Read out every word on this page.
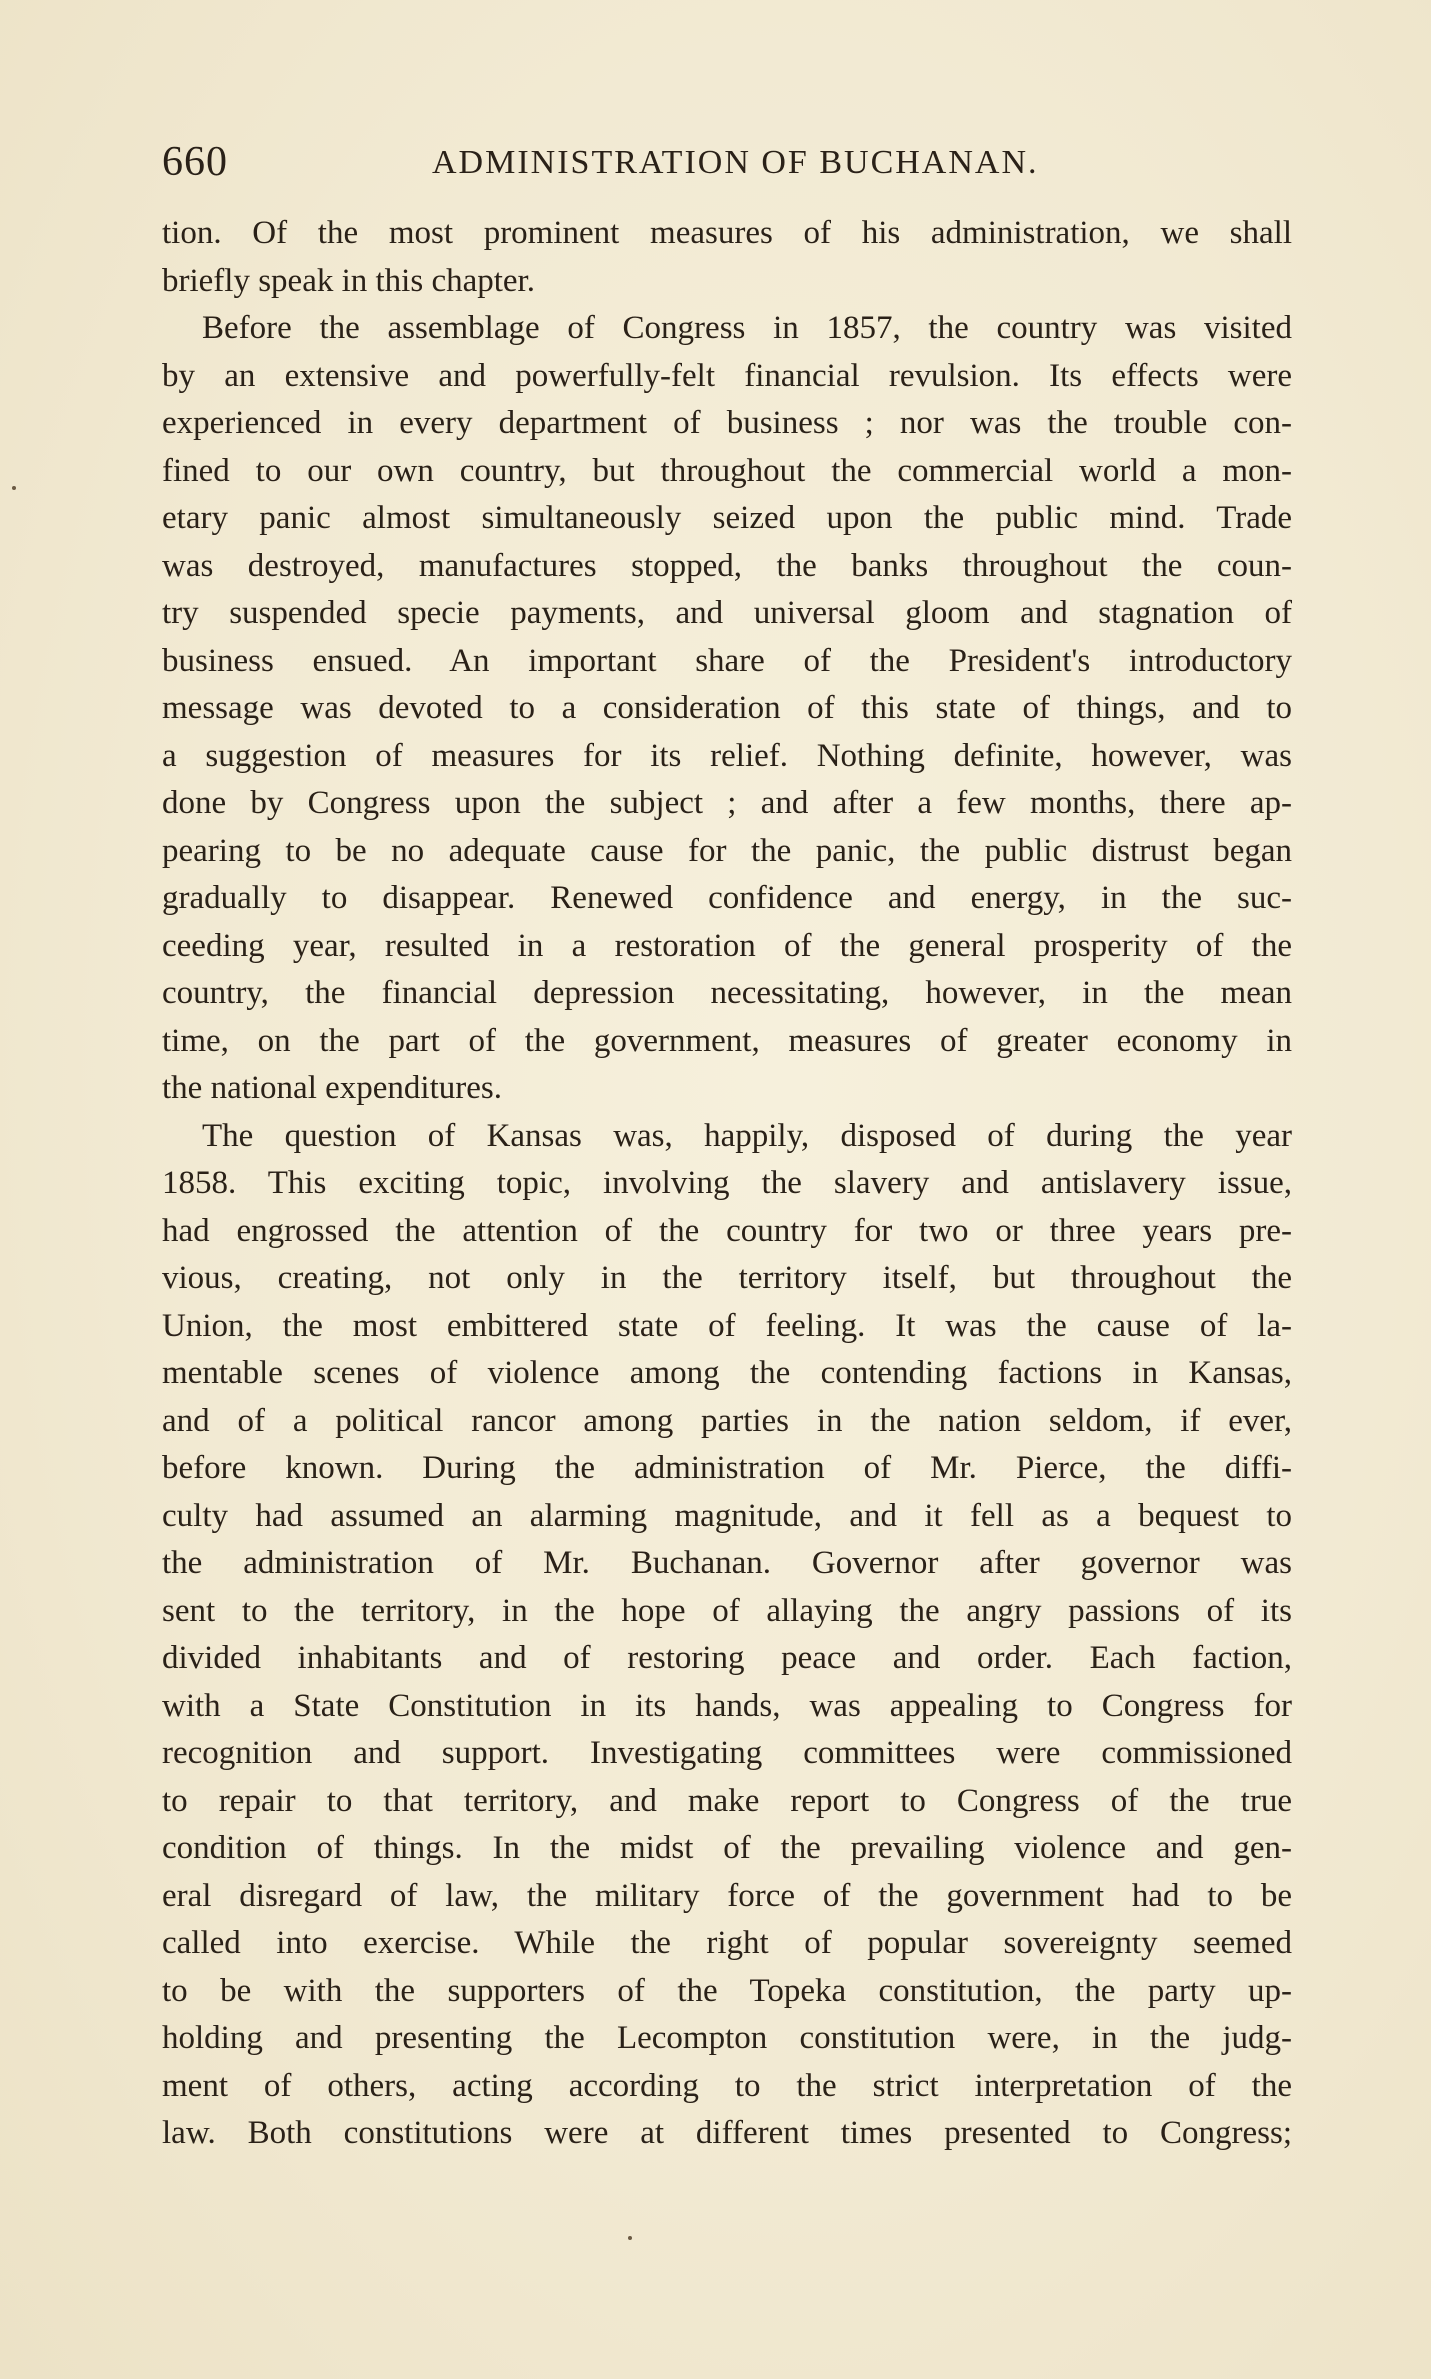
660	ADMINISTRATION OF BUCHANAN.
tion. Of the most prominent measures of his administration, we shall
briefly speak in this chapter.
Before the assemblage of Congress in 1857, the country was visited
by an extensive and powerfully-felt financial revulsion. Its effects were
experienced in every department of business ; nor was the trouble con-
fined to our own country, but throughout the commercial world a mon-
etary panic almost simultaneously seized upon the public mind. Trade
was destroyed, manufactures stopped, the banks throughout the coun-
try suspended specie payments, and universal gloom and stagnation of
business ensued. An important share of the President's introductory
message was devoted to a consideration of this state of things, and to
a suggestion of measures for its relief. Nothing definite, however, was
done by Congress upon the subject ; and after a few months, there ap-
pearing to be no adequate cause for the panic, the public distrust began
gradually to disappear. Renewed confidence and energy, in the suc-
ceeding year, resulted in a restoration of the general prosperity of the
country, the financial depression necessitating, however, in the mean
time, on the part of the government, measures of greater economy in
the national expenditures.
The question of Kansas was, happily, disposed of during the year
1858. This exciting topic, involving the slavery and antislavery issue,
had engrossed the attention of the country for two or three years pre-
vious, creating, not only in the territory itself, but throughout the
Union, the most embittered state of feeling. It was the cause of la-
mentable scenes of violence among the contending factions in Kansas,
and of a political rancor among parties in the nation seldom, if ever,
before known. During the administration of Mr. Pierce, the diffi-
culty had assumed an alarming magnitude, and it fell as a bequest to
the administration of Mr. Buchanan. Governor after governor was
sent to the territory, in the hope of allaying the angry passions of its
divided inhabitants and of restoring peace and order. Each faction,
with a State Constitution in its hands, was appealing to Congress for
recognition and support. Investigating committees were commissioned
to repair to that territory, and make report to Congress of the true
condition of things. In the midst of the prevailing violence and gen-
eral disregard of law, the military force of the government had to be
called into exercise. While the right of popular sovereignty seemed
to be with the supporters of the Topeka constitution, the party up-
holding and presenting the Lecompton constitution were, in the judg-
ment of others, acting according to the strict interpretation of the
law. Both constitutions were at different times presented to Congress;
